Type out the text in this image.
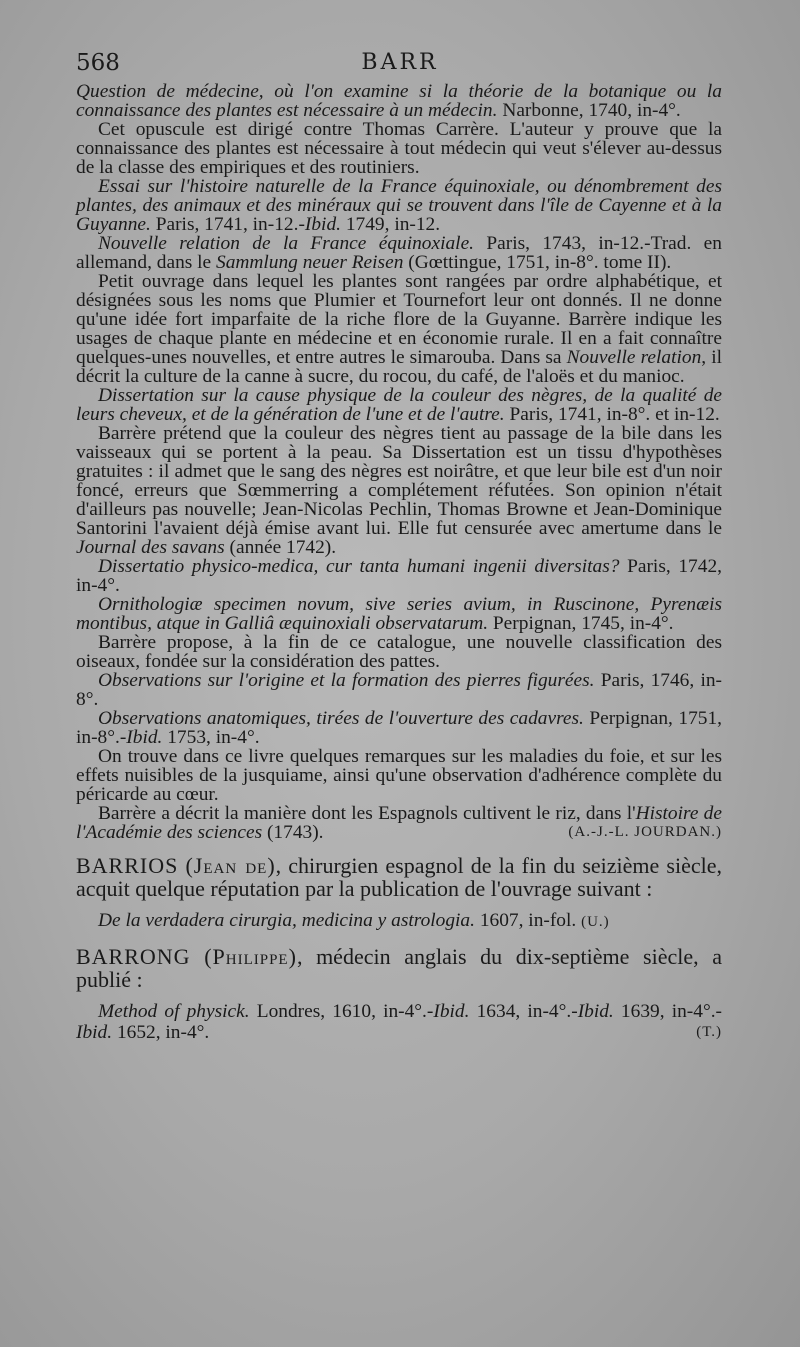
568	BARR

Question de médecine, où l'on examine si la théorie de la botanique ou la connaissance des plantes est nécessaire à un médecin. Narbonne, 1740, in-4°.

Cet opuscule est dirigé contre Thomas Carrère. L'auteur y prouve que la connaissance des plantes est nécessaire à tout médecin qui veut s'élever au-dessus de la classe des empiriques et des routiniers.

Essai sur l'histoire naturelle de la France équinoxiale, ou dénombrement des plantes, des animaux et des minéraux qui se trouvent dans l'île de Cayenne et à la Guyanne. Paris, 1741, in-12.-Ibid. 1749, in-12.

Nouvelle relation de la France équinoxiale. Paris, 1743, in-12.-Trad. en allemand, dans le Sammlung neuer Reisen (Gœttingue, 1751, in-8°. tome II).

Petit ouvrage dans lequel les plantes sont rangées par ordre alphabétique, et désignées sous les noms que Plumier et Tournefort leur ont donnés. Il ne donne qu'une idée fort imparfaite de la riche flore de la Guyanne. Barrère indique les usages de chaque plante en médecine et en économie rurale. Il en a fait connaître quelques-unes nouvelles, et entre autres le simarouba. Dans sa Nouvelle relation, il décrit la culture de la canne à sucre, du rocou, du café, de l'aloës et du manioc.

Dissertation sur la cause physique de la couleur des nègres, de la qualité de leurs cheveux, et de la génération de l'une et de l'autre. Paris, 1741, in-8°. et in-12.

Barrère prétend que la couleur des nègres tient au passage de la bile dans les vaisseaux qui se portent à la peau. Sa Dissertation est un tissu d'hypothèses gratuites : il admet que le sang des nègres est noirâtre, et que leur bile est d'un noir foncé, erreurs que Sœmmerring a complétement réfutées. Son opinion n'était d'ailleurs pas nouvelle; Jean-Nicolas Pechlin, Thomas Browne et Jean-Dominique Santorini l'avaient déjà émise avant lui. Elle fut censurée avec amertume dans le Journal des savans (année 1742).

Dissertatio physico-medica, cur tanta humani ingenii diversitas? Paris, 1742, in-4°.

Ornithologiæ specimen novum, sive series avium, in Ruscinone, Pyrenæis montibus, atque in Galliâ æquinoxiali observatarum. Perpignan, 1745, in-4°.

Barrère propose, à la fin de ce catalogue, une nouvelle classification des oiseaux, fondée sur la considération des pattes.

Observations sur l'origine et la formation des pierres figurées. Paris, 1746, in-8°.

Observations anatomiques, tirées de l'ouverture des cadavres. Perpignan, 1751, in-8°.-Ibid. 1753, in-4°.

On trouve dans ce livre quelques remarques sur les maladies du foie, et sur les effets nuisibles de la jusquiame, ainsi qu'une observation d'adhérence complète du péricarde au cœur.

Barrère a décrit la manière dont les Espagnols cultivent le riz, dans l'Histoire de l'Académie des sciences (1743).	(A.-J.-L. JOURDAN.)

BARRIOS (Jean de), chirurgien espagnol de la fin du seizième siècle, acquit quelque réputation par la publication de l'ouvrage suivant :

De la verdadera cirurgia, medicina y astrologia. 1607, in-fol. (U.)

BARRONG (Philippe), médecin anglais du dix-septième siècle, a publié :

Method of physick. Londres, 1610, in-4°.-Ibid. 1634, in-4°.-Ibid. 1639, in-4°.-Ibid. 1652, in-4°.	(T.)
